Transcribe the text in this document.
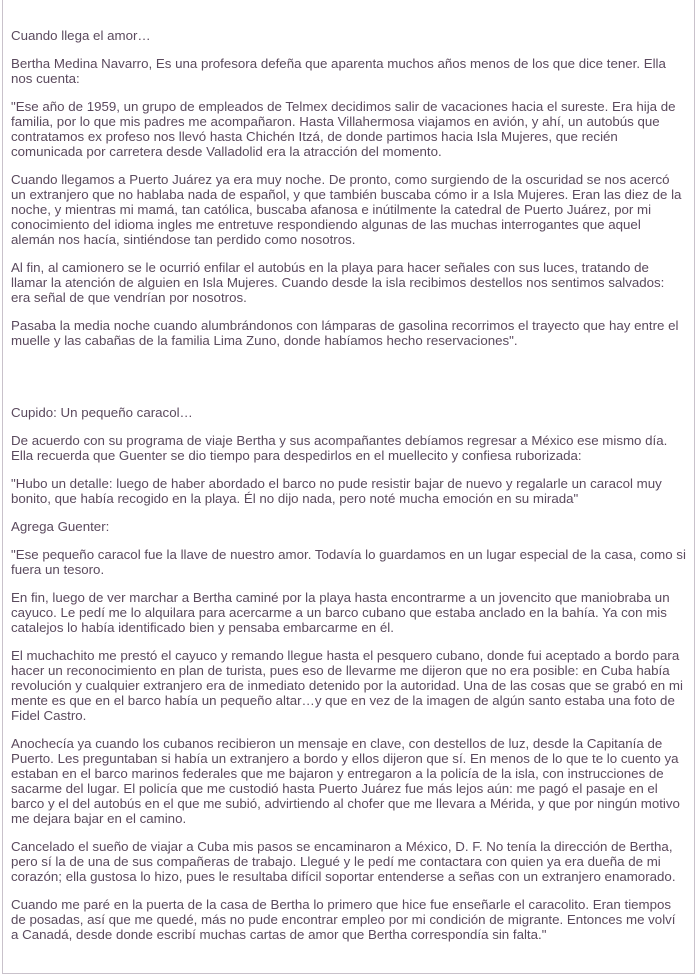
Cuando llega el amor…

Bertha Medina Navarro, Es una profesora defeña que aparenta muchos años menos de los que dice tener. Ella nos cuenta:

"Ese año de 1959, un grupo de empleados de Telmex decidimos salir de vacaciones hacia el sureste. Era hija de familia, por lo que mis padres me acompañaron. Hasta Villahermosa viajamos en avión, y ahí, un autobús que contratamos ex profeso nos llevó hasta Chichén Itzá, de donde partimos hacia Isla Mujeres, que recién comunicada por carretera desde Valladolid era la atracción del momento.

Cuando llegamos a Puerto Juárez ya era muy noche. De pronto, como surgiendo de la oscuridad se nos acercó un extranjero que no hablaba nada de español, y que también buscaba cómo ir a Isla Mujeres. Eran las diez de la noche, y mientras mi mamá, tan católica, buscaba afanosa e inútilmente la catedral de Puerto Juárez, por mi conocimiento del idioma ingles me entretuve respondiendo algunas de las muchas interrogantes que aquel alemán nos hacía, sintiéndose tan perdido como nosotros.

Al fin, al camionero se le ocurrió enfilar el autobús en la playa para hacer señales con sus luces, tratando de llamar la atención de alguien en Isla Mujeres. Cuando desde la isla recibimos destellos nos sentimos salvados: era señal de que vendrían por nosotros.

Pasaba la media noche cuando alumbrándonos con lámparas de gasolina recorrimos el trayecto que hay entre el muelle y las cabañas de la familia Lima Zuno, donde habíamos hecho reservaciones".

Cupido: Un pequeño caracol…

De acuerdo con su programa de viaje Bertha y sus acompañantes debíamos regresar a México ese mismo día. Ella recuerda que Guenter se dio tiempo para despedirlos en el muellecito y confiesa ruborizada:

"Hubo un detalle: luego de haber abordado el barco no pude resistir bajar de nuevo y regalarle un caracol muy bonito, que había recogido en la playa. Él no dijo nada, pero noté mucha emoción en su mirada"

Agrega Guenter:

"Ese pequeño caracol fue la llave de nuestro amor. Todavía lo guardamos en un lugar especial de la casa, como si fuera un tesoro.

En fin, luego de ver marchar a Bertha caminé por la playa hasta encontrarme a un jovencito que maniobraba un cayuco. Le pedí me lo alquilara para acercarme a un barco cubano que estaba anclado en la bahía. Ya con mis catalejos lo había identificado bien y pensaba embarcarme en él.

El muchachito me prestó el cayuco y remando llegue hasta el pesquero cubano, donde fui aceptado a bordo para hacer un reconocimiento en plan de turista, pues eso de llevarme me dijeron que no era posible: en Cuba había revolución y cualquier extranjero era de inmediato detenido por la autoridad. Una de las cosas que se grabó en mi mente es que en el barco había un pequeño altar…y que en vez de la imagen de algún santo estaba una foto de Fidel Castro.

Anochecía ya cuando los cubanos recibieron un mensaje en clave, con destellos de luz, desde la Capitanía de Puerto. Les preguntaban si había un extranjero a bordo y ellos dijeron que sí. En menos de lo que te lo cuento ya estaban en el barco marinos federales que me bajaron y entregaron a la policía de la isla, con instrucciones de sacarme del lugar. El policía que me custodió hasta Puerto Juárez fue más lejos aún: me pagó el pasaje en el barco y el del autobús en el que me subió, advirtiendo al chofer que me llevara a Mérida, y que por ningún motivo me dejara bajar en el camino.

Cancelado el sueño de viajar a Cuba mis pasos se encaminaron a México, D. F. No tenía la dirección de Bertha, pero sí la de una de sus compañeras de trabajo. Llegué y le pedí me contactara con quien ya era dueña de mi corazón; ella gustosa lo hizo, pues le resultaba difícil soportar entenderse a señas con un extranjero enamorado.

Cuando me paré en la puerta de la casa de Bertha lo primero que hice fue enseñarle el caracolito. Eran tiempos de posadas, así que me quedé, más no pude encontrar empleo por mi condición de migrante. Entonces me volví a Canadá, desde donde escribí muchas cartas de amor que Bertha correspondía sin falta."
